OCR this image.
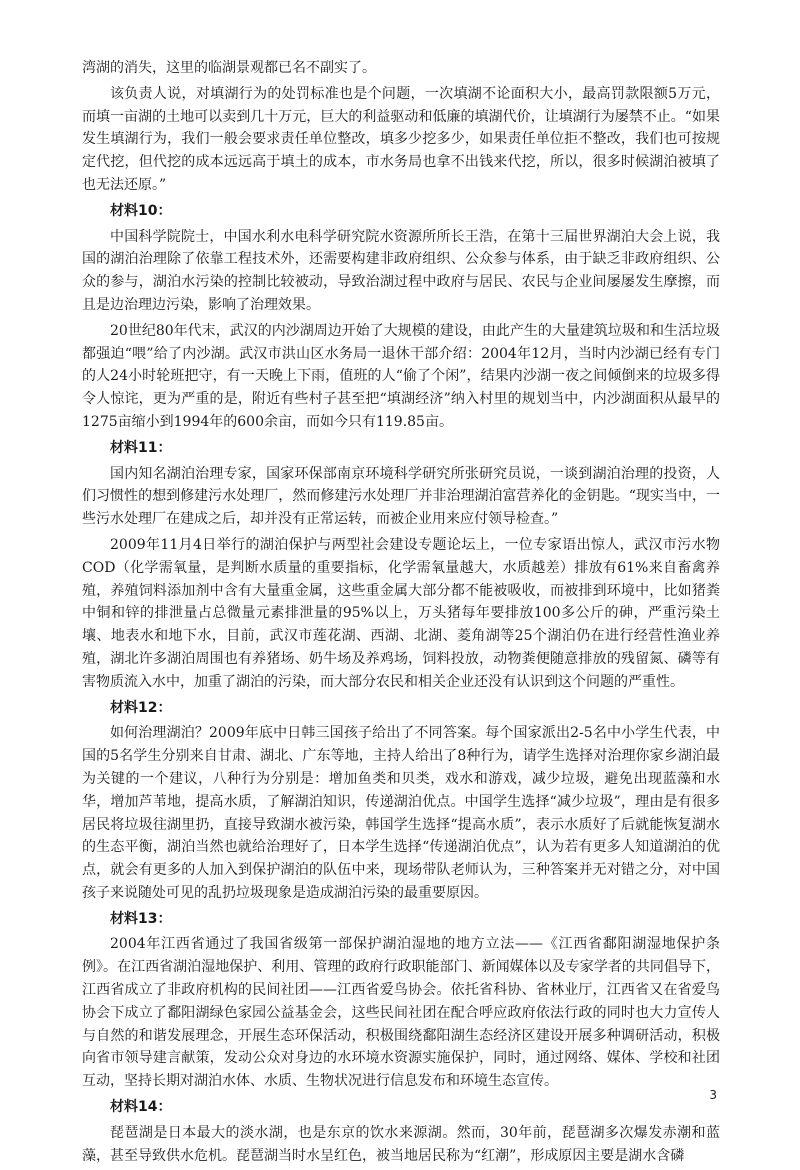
湾湖的消失，这里的临湖景观都已名不副实了。

该负责人说，对填湖行为的处罚标准也是个问题，一次填湖不论面积大小，最高罚款限额5万元，而填一亩湖的土地可以卖到几十万元，巨大的利益驱动和低廉的填湖代价，让填湖行为屡禁不止。“如果发生填湖行为，我们一般会要求责任单位整改，填多少挖多少，如果责任单位拒不整改，我们也可按规定代挖，但代挖的成本远远高于填土的成本，市水务局也拿不出钱来代挖，所以，很多时候湖泊被填了也无法还原。”

材料10：

中国科学院院士，中国水利水电科学研究院水资源所所长王浩，在第十三届世界湖泊大会上说，我国的湖泊治理除了依靠工程技术外，还需要构建非政府组织、公众参与体系，由于缺乏非政府组织、公众的参与，湖泊水污染的控制比较被动，导致治湖过程中政府与居民、农民与企业间屡屡发生摩擦，而且是边治理边污染，影响了治理效果。

20世纪80年代末，武汉的内沙湖周边开始了大规模的建设，由此产生的大量建筑垃圾和和生活垃圾都强迫“喂”给了内沙湖。武汉市洪山区水务局一退休干部介绍：2004年12月，当时内沙湖已经有专门的人24小时轮班把守，有一天晚上下雨，值班的人“偷了个闲”，结果内沙湖一夜之间倾倒来的垃圾多得令人惊诧，更为严重的是，附近有些村子甚至把“填湖经济”纳入村里的规划当中，内沙湖面积从最早的1275亩缩小到1994年的600余亩，而如今只有119.85亩。

材料11：

国内知名湖泊治理专家，国家环保部南京环境科学研究所张研究员说，一谈到湖泊治理的投资，人们习惯性的想到修建污水处理厂，然而修建污水处理厂并非治理湖泊富营养化的金钥匙。“现实当中，一些污水处理厂在建成之后，却并没有正常运转，而被企业用来应付领导检查。”

2009年11月4日举行的湖泊保护与两型社会建设专题论坛上，一位专家语出惊人，武汉市污水物COD（化学需氧量，是判断水质量的重要指标，化学需氧量越大，水质越差）排放有61%来自畜禽养殖，养殖饲料添加剂中含有大量重金属，这些重金属大部分都不能被吸收，而被排到环境中，比如猪粪中铜和锌的排泄量占总微量元素排泄量的95%以上，万头猪每年要排放100多公斤的砷，严重污染土壤、地表水和地下水，目前，武汉市莲花湖、西湖、北湖、菱角湖等25个湖泊仍在进行经营性渔业养殖，湖北许多湖泊周围也有养猪场、奶牛场及养鸡场，饲料投放，动物粪便随意排放的残留氮、磷等有害物质流入水中，加重了湖泊的污染，而大部分农民和相关企业还没有认识到这个问题的严重性。

材料12：

如何治理湖泊？2009年底中日韩三国孩子给出了不同答案。每个国家派出2-5名中小学生代表，中国的5名学生分别来自甘肃、湖北、广东等地，主持人给出了8种行为，请学生选择对治理你家乡湖泊最为关键的一个建议，八种行为分别是：增加鱼类和贝类，戏水和游戏，减少垃圾，避免出现蓝藻和水华，增加芦苇地，提高水质，了解湖泊知识，传递湖泊优点。中国学生选择“减少垃圾”，理由是有很多居民将垃圾往湖里扔，直接导致湖水被污染，韩国学生选择“提高水质”，表示水质好了后就能恢复湖水的生态平衡，湖泊当然也就给治理好了，日本学生选择“传递湖泊优点”，认为若有更多人知道湖泊的优点，就会有更多的人加入到保护湖泊的队伍中来，现场带队老师认为，三种答案并无对错之分，对中国孩子来说随处可见的乱扔垃圾现象是造成湖泊污染的最重要原因。

材料13：

2004年江西省通过了我国省级第一部保护湖泊湿地的地方立法——《江西省鄱阳湖湿地保护条例》。在江西省湖泊湿地保护、利用、管理的政府行政职能部门、新闻媒体以及专家学者的共同倡导下，江西省成立了非政府机构的民间社团——江西省爱鸟协会。依托省科协、省林业厅，江西省又在省爱鸟协会下成立了鄱阳湖绿色家园公益基金会，这些民间社团在配合呼应政府依法行政的同时也大力宣传人与自然的和谐发展理念，开展生态环保活动，积极围绕鄱阳湖生态经济区建设开展多种调研活动，积极向省市领导建言献策，发动公众对身边的水环境水资源实施保护，同时，通过网络、媒体、学校和社团互动，坚持长期对湖泊水体、水质、生物状况进行信息发布和环境生态宣传。

材料14：

琵琶湖是日本最大的淡水湖，也是东京的饮水来源湖。然而，30年前，琵琶湖多次爆发赤潮和蓝藻，甚至导致供水危机。琵琶湖当时水呈红色，被当地居民称为“红潮”，形成原因主要是湖水含磷

3
